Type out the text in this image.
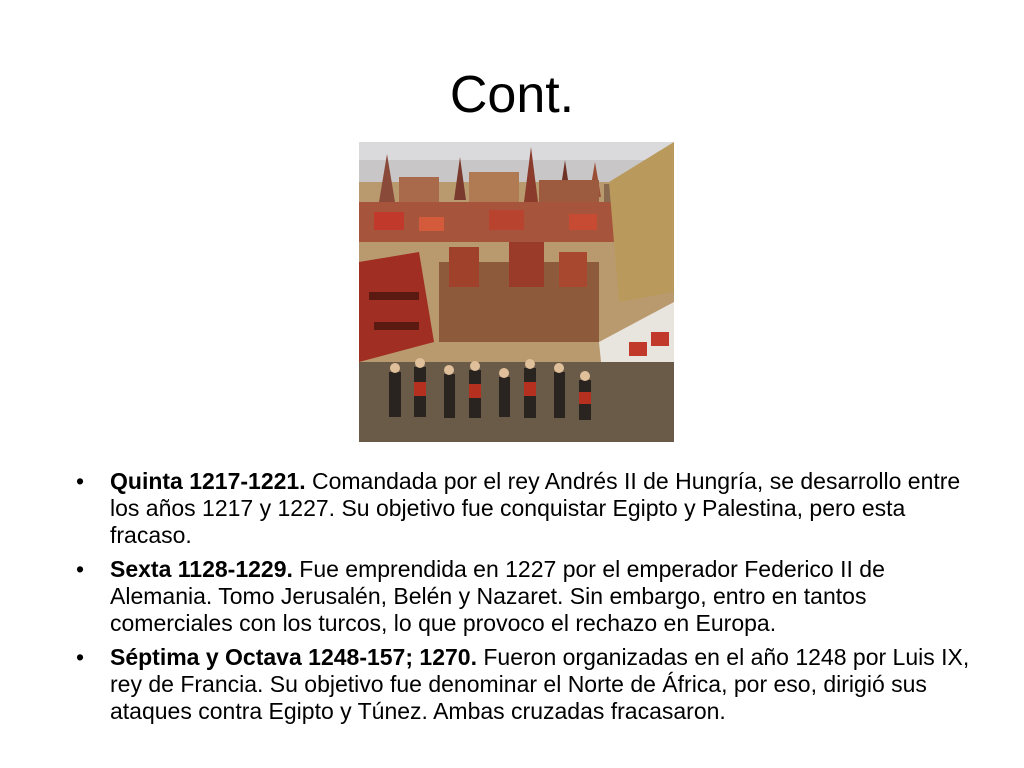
Cont.
•	Quinta 1217-1221. Comandada por el rey Andrés II de Hungría, se desarrollo entre los años 1217 y 1227. Su objetivo fue conquistar Egipto y Palestina, pero esta fracaso.
•	Sexta 1128-1229. Fue emprendida en 1227 por el emperador Federico II de Alemania. Tomo Jerusalén, Belén y Nazaret. Sin embargo, entro en tantos comerciales con los turcos, lo que provoco el rechazo en Europa.
•	Séptima y Octava 1248-157; 1270. Fueron organizadas en el año 1248 por Luis IX, rey de Francia. Su objetivo fue denominar el Norte de África, por eso, dirigió sus ataques contra Egipto y Túnez. Ambas cruzadas fracasaron.
